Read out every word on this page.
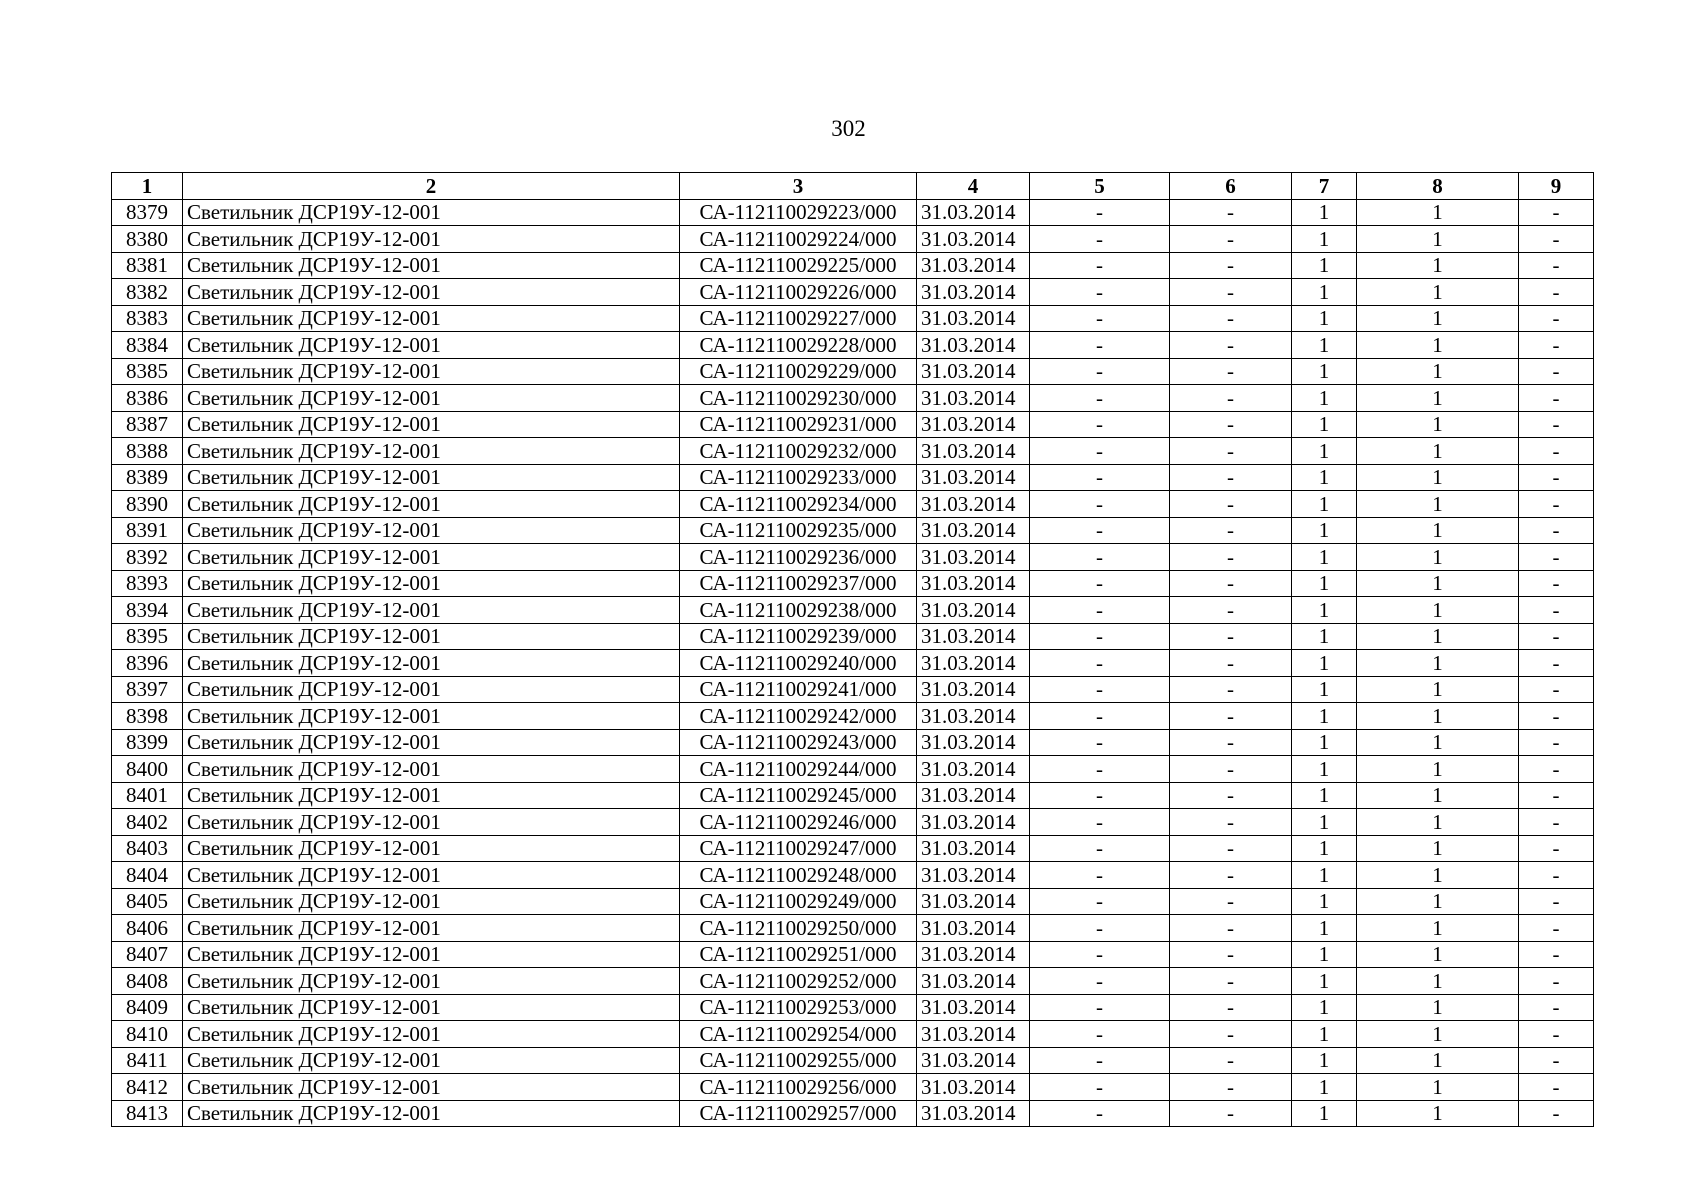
302
1	2	3	4	5	6	7	8	9
8379	Светильник ДСР19У-12-001	СА-112110029223/000	31.03.2014	-	-	1	1	-
8380	Светильник ДСР19У-12-001	СА-112110029224/000	31.03.2014	-	-	1	1	-
8381	Светильник ДСР19У-12-001	СА-112110029225/000	31.03.2014	-	-	1	1	-
8382	Светильник ДСР19У-12-001	СА-112110029226/000	31.03.2014	-	-	1	1	-
8383	Светильник ДСР19У-12-001	СА-112110029227/000	31.03.2014	-	-	1	1	-
8384	Светильник ДСР19У-12-001	СА-112110029228/000	31.03.2014	-	-	1	1	-
8385	Светильник ДСР19У-12-001	СА-112110029229/000	31.03.2014	-	-	1	1	-
8386	Светильник ДСР19У-12-001	СА-112110029230/000	31.03.2014	-	-	1	1	-
8387	Светильник ДСР19У-12-001	СА-112110029231/000	31.03.2014	-	-	1	1	-
8388	Светильник ДСР19У-12-001	СА-112110029232/000	31.03.2014	-	-	1	1	-
8389	Светильник ДСР19У-12-001	СА-112110029233/000	31.03.2014	-	-	1	1	-
8390	Светильник ДСР19У-12-001	СА-112110029234/000	31.03.2014	-	-	1	1	-
8391	Светильник ДСР19У-12-001	СА-112110029235/000	31.03.2014	-	-	1	1	-
8392	Светильник ДСР19У-12-001	СА-112110029236/000	31.03.2014	-	-	1	1	-
8393	Светильник ДСР19У-12-001	СА-112110029237/000	31.03.2014	-	-	1	1	-
8394	Светильник ДСР19У-12-001	СА-112110029238/000	31.03.2014	-	-	1	1	-
8395	Светильник ДСР19У-12-001	СА-112110029239/000	31.03.2014	-	-	1	1	-
8396	Светильник ДСР19У-12-001	СА-112110029240/000	31.03.2014	-	-	1	1	-
8397	Светильник ДСР19У-12-001	СА-112110029241/000	31.03.2014	-	-	1	1	-
8398	Светильник ДСР19У-12-001	СА-112110029242/000	31.03.2014	-	-	1	1	-
8399	Светильник ДСР19У-12-001	СА-112110029243/000	31.03.2014	-	-	1	1	-
8400	Светильник ДСР19У-12-001	СА-112110029244/000	31.03.2014	-	-	1	1	-
8401	Светильник ДСР19У-12-001	СА-112110029245/000	31.03.2014	-	-	1	1	-
8402	Светильник ДСР19У-12-001	СА-112110029246/000	31.03.2014	-	-	1	1	-
8403	Светильник ДСР19У-12-001	СА-112110029247/000	31.03.2014	-	-	1	1	-
8404	Светильник ДСР19У-12-001	СА-112110029248/000	31.03.2014	-	-	1	1	-
8405	Светильник ДСР19У-12-001	СА-112110029249/000	31.03.2014	-	-	1	1	-
8406	Светильник ДСР19У-12-001	СА-112110029250/000	31.03.2014	-	-	1	1	-
8407	Светильник ДСР19У-12-001	СА-112110029251/000	31.03.2014	-	-	1	1	-
8408	Светильник ДСР19У-12-001	СА-112110029252/000	31.03.2014	-	-	1	1	-
8409	Светильник ДСР19У-12-001	СА-112110029253/000	31.03.2014	-	-	1	1	-
8410	Светильник ДСР19У-12-001	СА-112110029254/000	31.03.2014	-	-	1	1	-
8411	Светильник ДСР19У-12-001	СА-112110029255/000	31.03.2014	-	-	1	1	-
8412	Светильник ДСР19У-12-001	СА-112110029256/000	31.03.2014	-	-	1	1	-
8413	Светильник ДСР19У-12-001	СА-112110029257/000	31.03.2014	-	-	1	1	-
